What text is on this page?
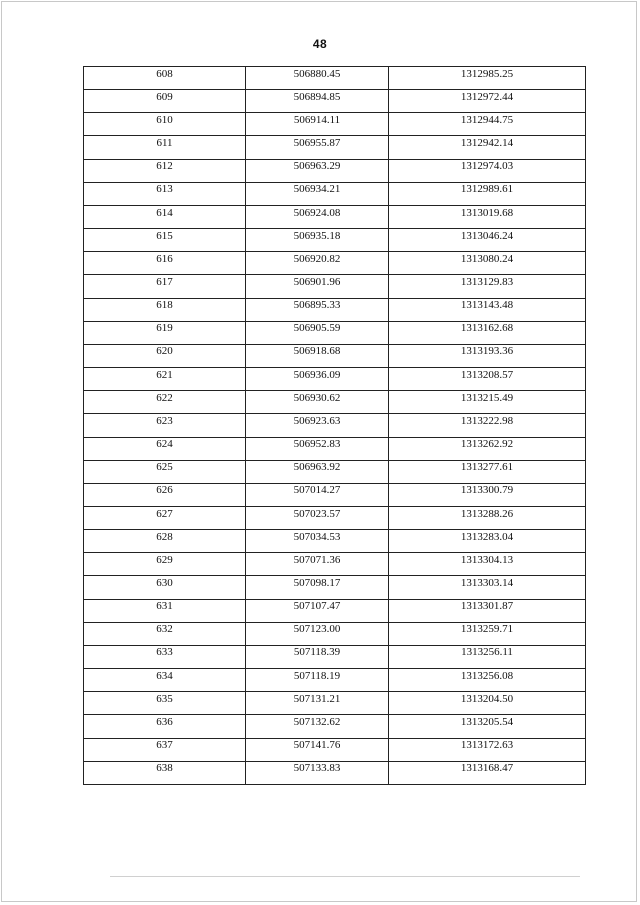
48
608	506880.45	1312985.25
609	506894.85	1312972.44
610	506914.11	1312944.75
611	506955.87	1312942.14
612	506963.29	1312974.03
613	506934.21	1312989.61
614	506924.08	1313019.68
615	506935.18	1313046.24
616	506920.82	1313080.24
617	506901.96	1313129.83
618	506895.33	1313143.48
619	506905.59	1313162.68
620	506918.68	1313193.36
621	506936.09	1313208.57
622	506930.62	1313215.49
623	506923.63	1313222.98
624	506952.83	1313262.92
625	506963.92	1313277.61
626	507014.27	1313300.79
627	507023.57	1313288.26
628	507034.53	1313283.04
629	507071.36	1313304.13
630	507098.17	1313303.14
631	507107.47	1313301.87
632	507123.00	1313259.71
633	507118.39	1313256.11
634	507118.19	1313256.08
635	507131.21	1313204.50
636	507132.62	1313205.54
637	507141.76	1313172.63
638	507133.83	1313168.47
